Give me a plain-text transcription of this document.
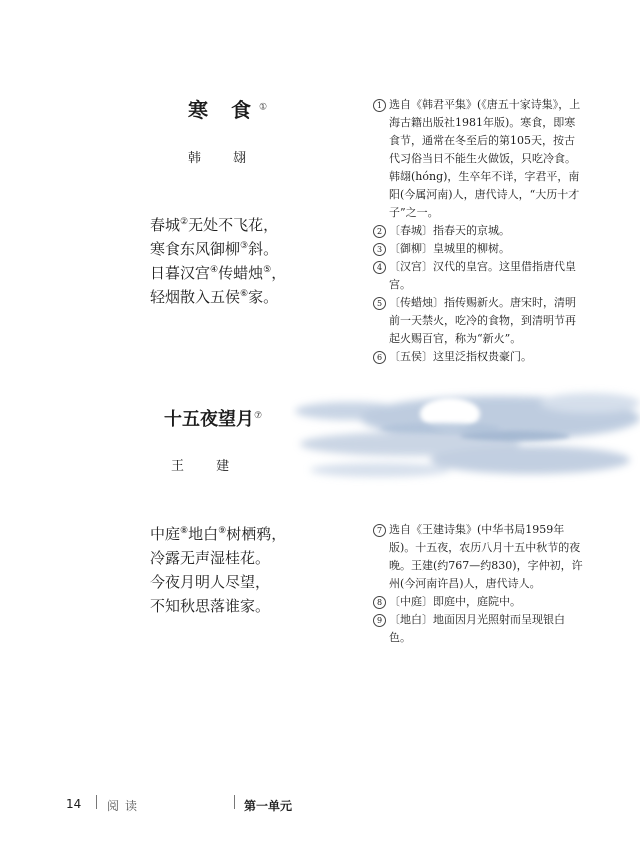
寒 食①
韩 翃
春城②无处不飞花，
寒食东风御柳③斜。
日暮汉宫④传蜡烛⑤，
轻烟散入五侯⑥家。
1 选自《韩君平集》(《唐五十家诗集》，上海古籍出版社1981年版)。寒食，即寒食节，通常在冬至后的第105天，按古代习俗当日不能生火做饭，只吃冷食。韩翃(hóng)，生卒年不详，字君平，南阳(今属河南)人，唐代诗人，“大历十才子”之一。
2 〔春城〕指春天的京城。
3 〔御柳〕皇城里的柳树。
4 〔汉宫〕汉代的皇宫。这里借指唐代皇宫。
5 〔传蜡烛〕指传赐新火。唐宋时，清明前一天禁火，吃冷的食物，到清明节再起火赐百官，称为“新火”。
6 〔五侯〕这里泛指权贵豪门。
十五夜望月⑦
王 建
中庭⑧地白⑨树栖鸦，
冷露无声湿桂花。
今夜月明人尽望，
不知秋思落谁家。
7 选自《王建诗集》(中华书局1959年版)。十五夜，农历八月十五中秋节的夜晚。王建(约767—约830)，字仲初，许州(今河南许昌)人，唐代诗人。
8 〔中庭〕即庭中，庭院中。
9 〔地白〕地面因月光照射而呈现银白色。
14 阅读	第一单元
